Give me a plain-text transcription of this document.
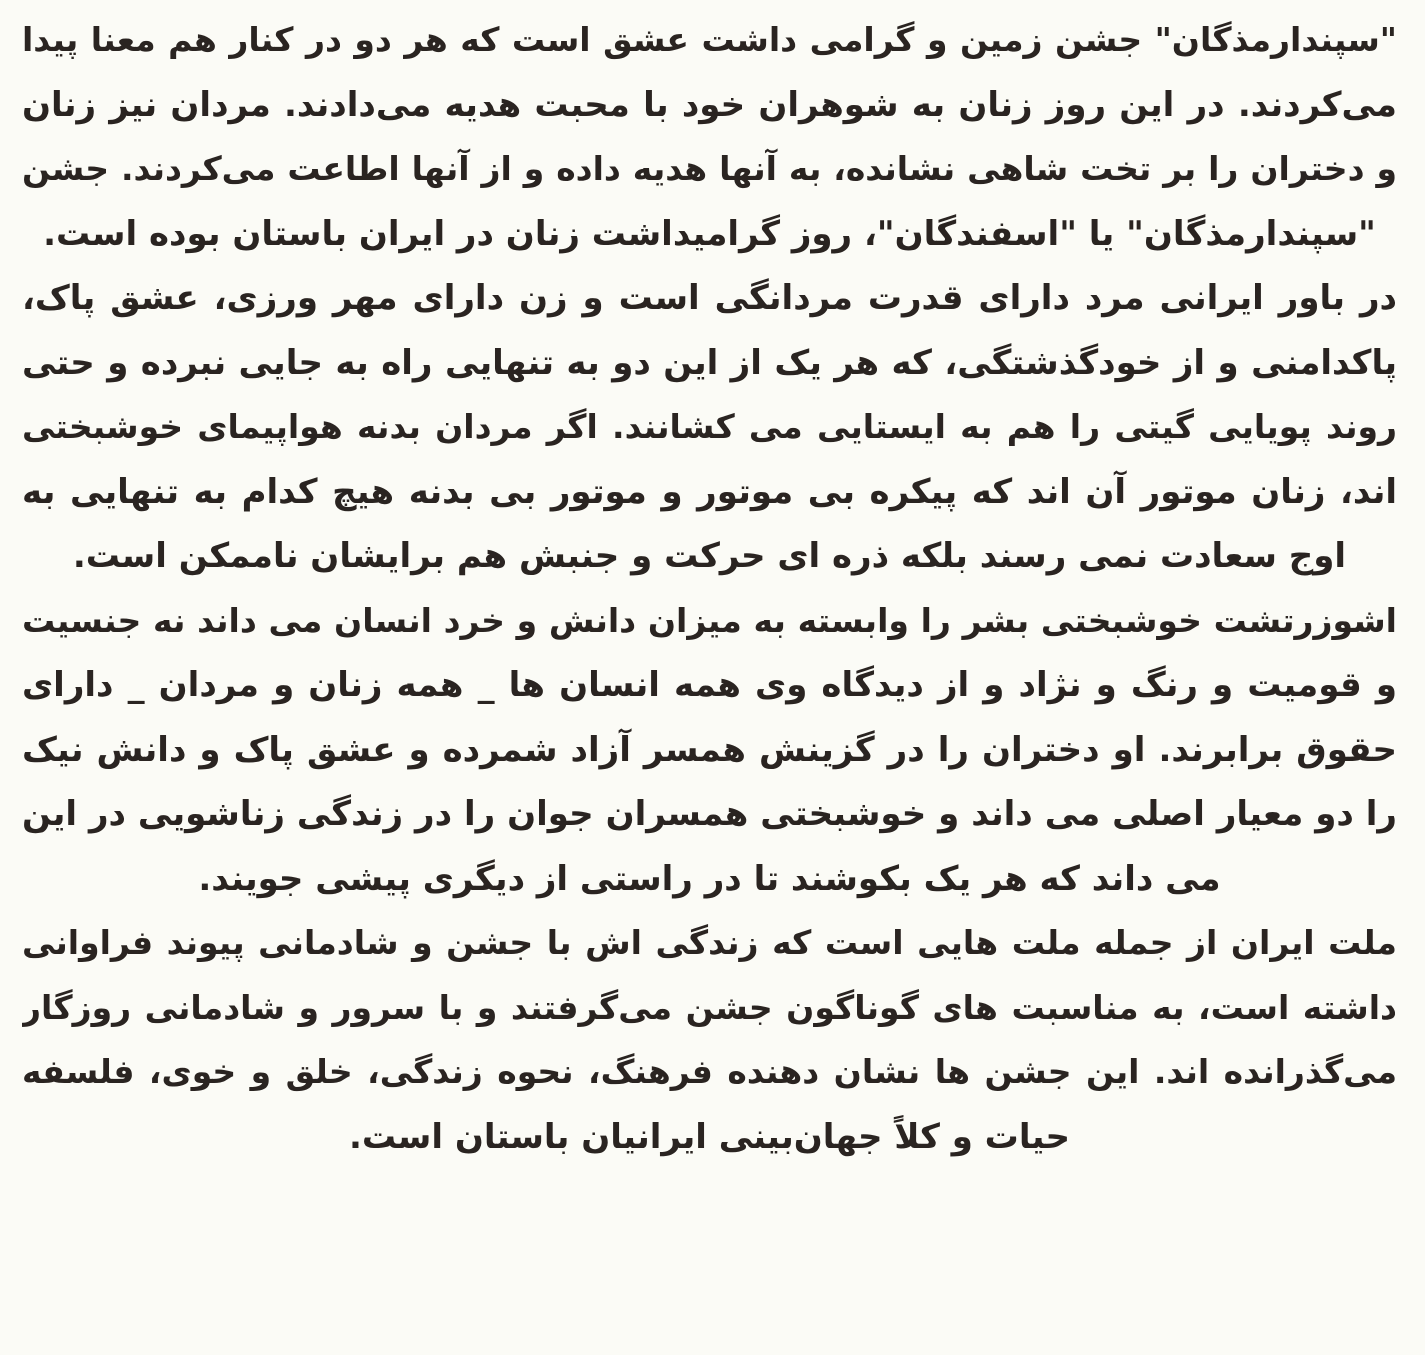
"سپندارمذگان" جشن زمین و گرامی داشت عشق است که هر دو در کنار هم معنا پیدا
می‌کردند. در این روز زنان به شوهران خود با محبت هدیه می‌دادند. مردان نیز زنان
و دختران را بر تخت شاهی نشانده، به آنها هدیه داده و از آنها اطاعت می‌کردند. جشن
"سپندارمذگان" یا "اسفندگان"، روز گرامیداشت زنان در ایران باستان بوده است.
در باور ایرانی مرد دارای قدرت مردانگی است و زن دارای مهر ورزی، عشق پاک،
پاکدامنی و از خودگذشتگی، که هر یک از این دو به تنهایی راه به جایی نبرده و حتی
روند پویایی گیتی را هم به ایستایی می کشانند. اگر مردان بدنه هواپیمای خوشبختی
اند، زنان موتور آن اند که پیکره بی موتور و موتور بی بدنه هیچ کدام به تنهایی به
اوج سعادت نمی رسند بلکه ذره ای حرکت و جنبش هم برایشان ناممکن است.
اشوزرتشت خوشبختی بشر را وابسته به میزان دانش و خرد انسان می داند نه جنسیت
و قومیت و رنگ و نژاد و از دیدگاه وی همه انسان ها _ همه زنان و مردان _ دارای
حقوق برابرند. او دختران را در گزینش همسر آزاد شمرده و عشق پاک و دانش نیک
را دو معیار اصلی می داند و خوشبختی همسران جوان را در زندگی زناشویی در این
می داند که هر یک بکوشند تا در راستی از دیگری پیشی جویند.
ملت ایران از جمله ملت هایی است که زندگی اش با جشن و شادمانی پیوند فراوانی
داشته است، به مناسبت های گوناگون جشن می‌گرفتند و با سرور و شادمانی روزگار
می‌گذرانده اند. این جشن ها نشان دهنده فرهنگ، نحوه زندگی، خلق و خوی، فلسفه
حیات و کلاً جهان‌بینی ایرانیان باستان است.
